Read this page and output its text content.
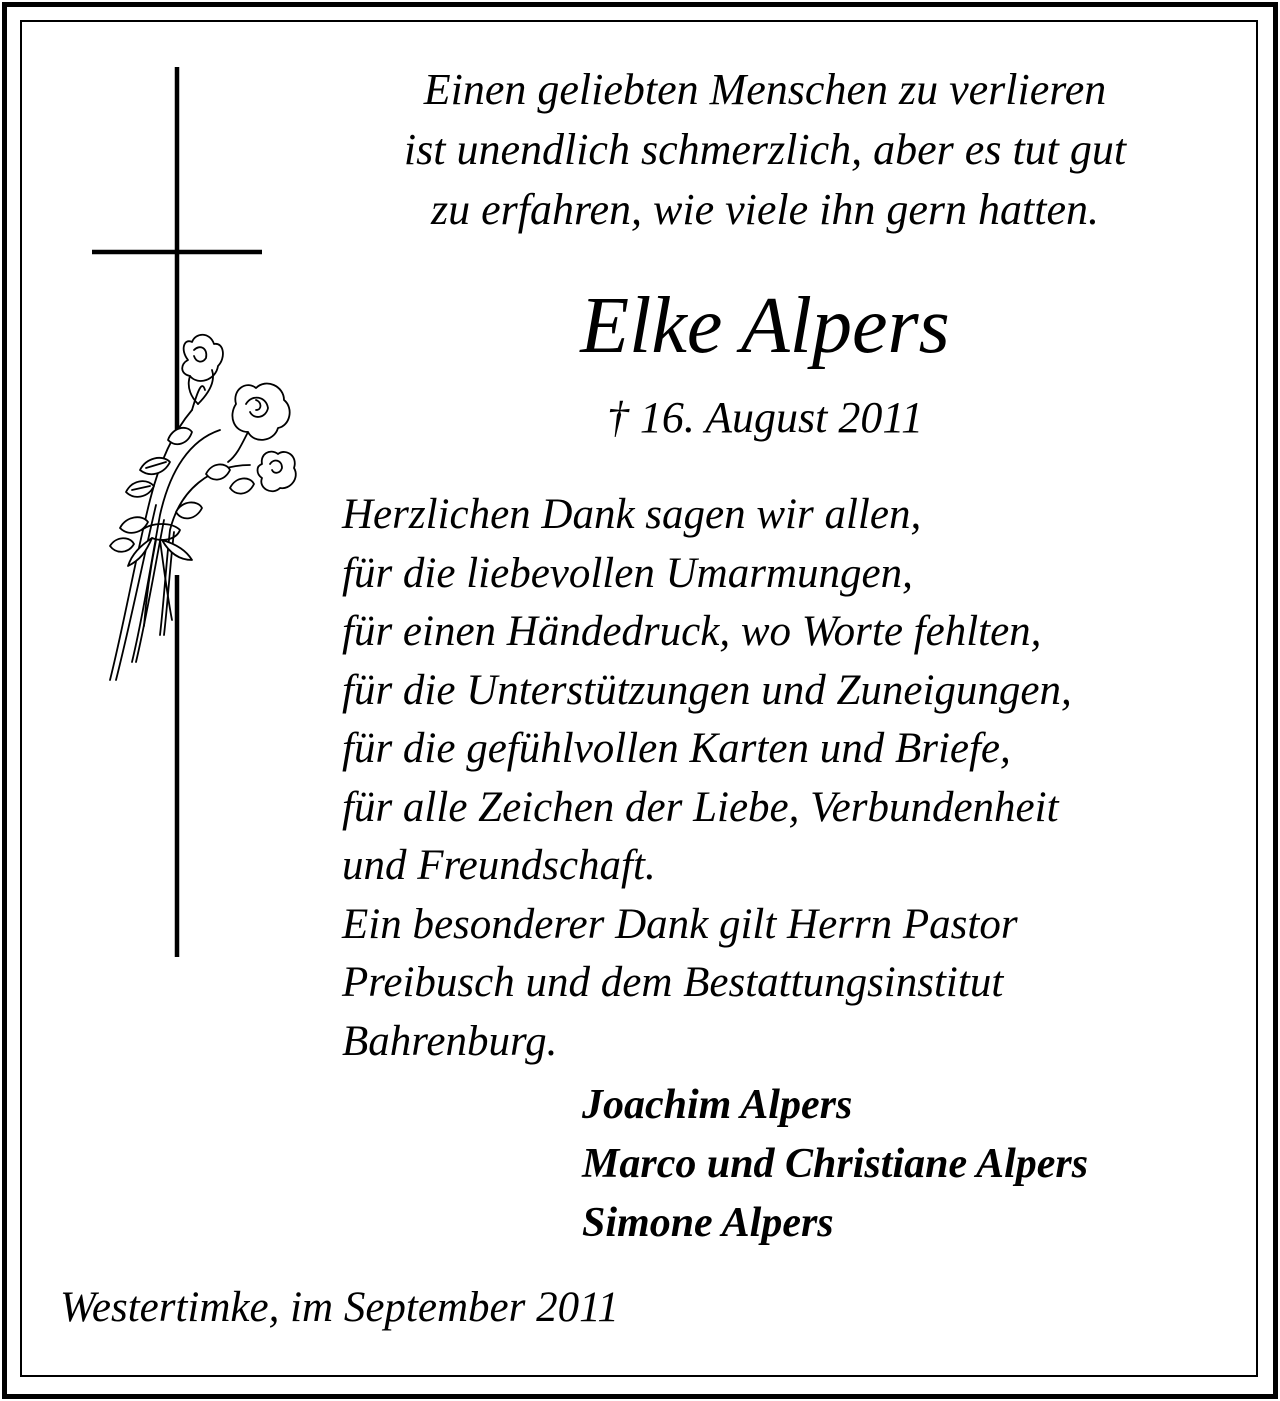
Einen geliebten Menschen zu verlieren
ist unendlich schmerzlich, aber es tut gut
zu erfahren, wie viele ihn gern hatten.
Elke Alpers
† 16. August 2011
Herzlichen Dank sagen wir allen,
für die liebevollen Umarmungen,
für einen Händedruck, wo Worte fehlten,
für die Unterstützungen und Zuneigungen,
für die gefühlvollen Karten und Briefe,
für alle Zeichen der Liebe, Verbundenheit
und Freundschaft.
Ein besonderer Dank gilt Herrn Pastor
Preibusch und dem Bestattungsinstitut
Bahrenburg.
Joachim Alpers
Marco und Christiane Alpers
Simone Alpers
Westertimke, im September 2011
